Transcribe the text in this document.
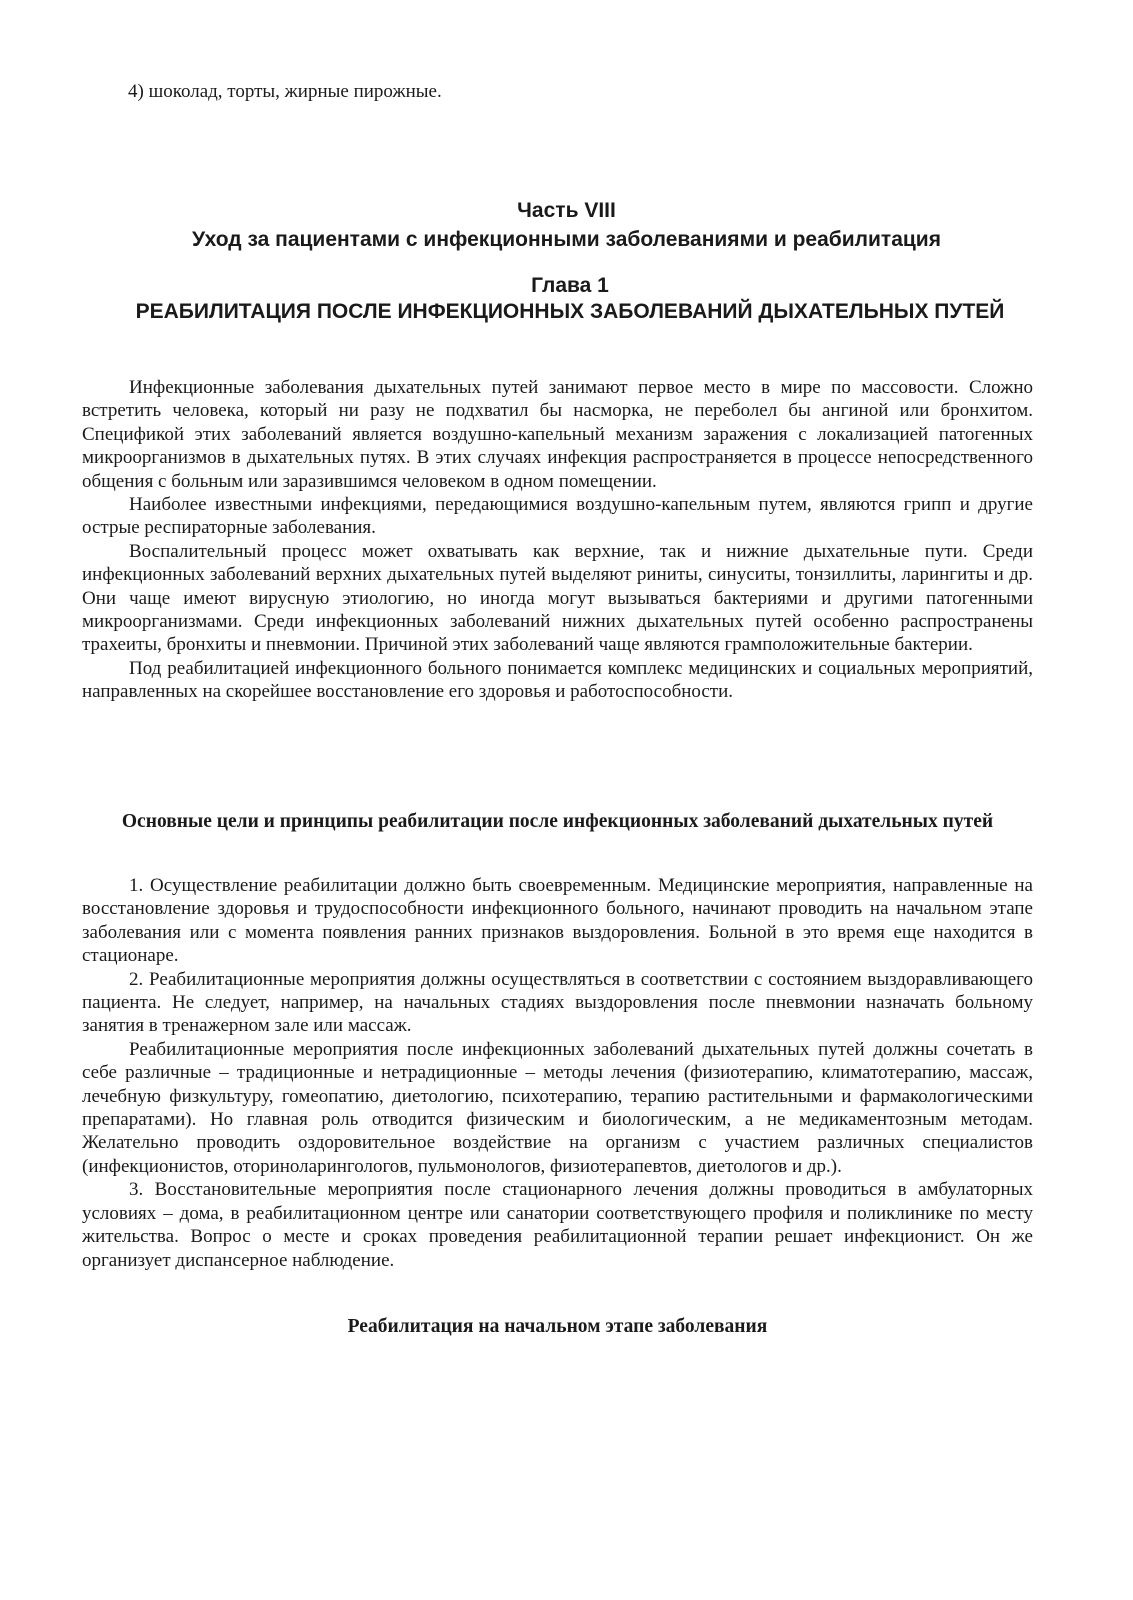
4) шоколад, торты, жирные пирожные.
Часть VIII
Уход за пациентами с инфекционными заболеваниями и реабилитация
Глава 1
РЕАБИЛИТАЦИЯ ПОСЛЕ ИНФЕКЦИОННЫХ ЗАБОЛЕВАНИЙ ДЫХАТЕЛЬНЫХ ПУТЕЙ

Инфекционные заболевания дыхательных путей занимают первое место в мире по массовости. Сложно встретить человека, который ни разу не подхватил бы насморка, не переболел бы ангиной или бронхитом. Спецификой этих заболеваний является воздушно-капельный механизм заражения с локализацией патогенных микроорганизмов в дыхательных путях. В этих случаях инфекция распространяется в процессе непосредственного общения с больным или заразившимся человеком в одном помещении.

Наиболее известными инфекциями, передающимися воздушно-капельным путем, являются грипп и другие острые респираторные заболевания.

Воспалительный процесс может охватывать как верхние, так и нижние дыхательные пути. Среди инфекционных заболеваний верхних дыхательных путей выделяют риниты, синуситы, тонзиллиты, ларингиты и др. Они чаще имеют вирусную этиологию, но иногда могут вызываться бактериями и другими патогенными микроорганизмами. Среди инфекционных заболеваний нижних дыхательных путей особенно распространены трахеиты, бронхиты и пневмонии. Причиной этих заболеваний чаще являются грамположительные бактерии.

Под реабилитацией инфекционного больного понимается комплекс медицинских и социальных мероприятий, направленных на скорейшее восстановление его здоровья и работоспособности.

Основные цели и принципы реабилитации после инфекционных заболеваний дыхательных путей

1. Осуществление реабилитации должно быть своевременным. Медицинские мероприятия, направленные на восстановление здоровья и трудоспособности инфекционного больного, начинают проводить на начальном этапе заболевания или с момента появления ранних признаков выздоровления. Больной в это время еще находится в стационаре.

2. Реабилитационные мероприятия должны осуществляться в соответствии с состоянием выздоравливающего пациента. Не следует, например, на начальных стадиях выздоровления после пневмонии назначать больному занятия в тренажерном зале или массаж.

Реабилитационные мероприятия после инфекционных заболеваний дыхательных путей должны сочетать в себе различные – традиционные и нетрадиционные – методы лечения (физиотерапию, климатотерапию, массаж, лечебную физкультуру, гомеопатию, диетологию, психотерапию, терапию растительными и фармакологическими препаратами). Но главная роль отводится физическим и биологическим, а не медикаментозным методам. Желательно проводить оздоровительное воздействие на организм с участием различных специалистов (инфекционистов, оториноларингологов, пульмонологов, физиотерапевтов, диетологов и др.).

3. Восстановительные мероприятия после стационарного лечения должны проводиться в амбулаторных условиях – дома, в реабилитационном центре или санатории соответствующего профиля и поликлинике по месту жительства. Вопрос о месте и сроках проведения реабилитационной терапии решает инфекционист. Он же организует диспансерное наблюдение.

Реабилитация на начальном этапе заболевания
